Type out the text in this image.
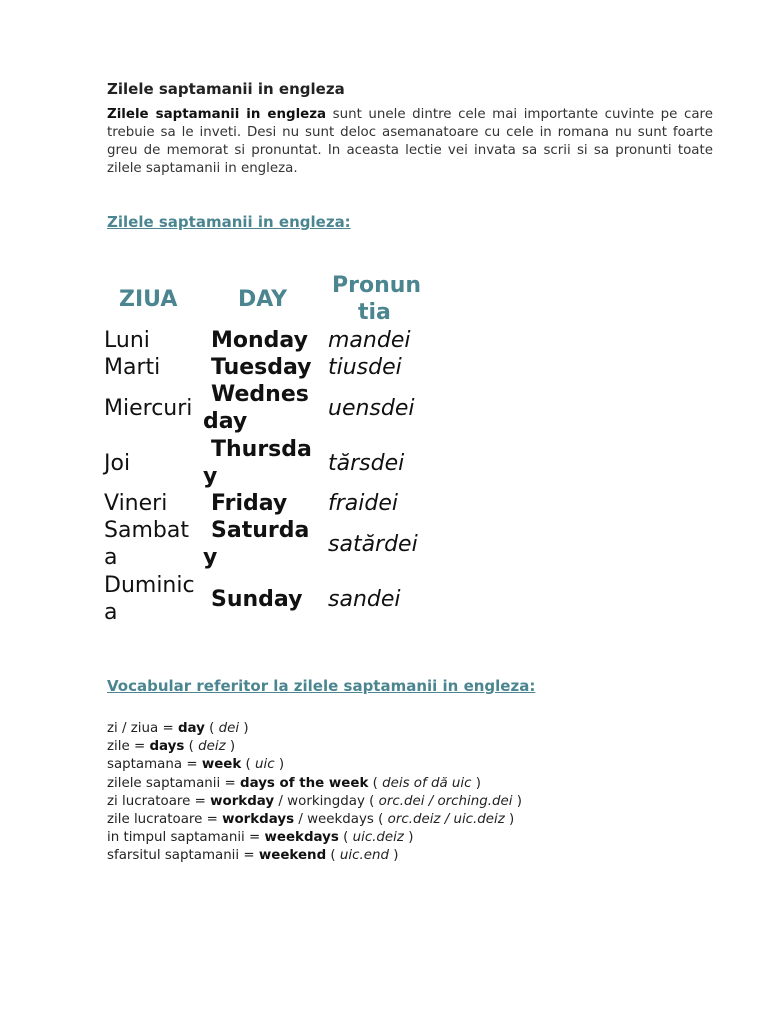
Zilele saptamanii in engleza
Zilele saptamanii in engleza sunt unele dintre cele mai importante cuvinte pe care trebuie sa le inveti. Desi nu sunt deloc asemanatoare cu cele in romana nu sunt foarte greu de memorat si pronuntat. In aceasta lectie vei invata sa scrii si sa pronunti toate zilele saptamanii in engleza.
Zilele saptamanii in engleza:
ZIUA	DAY
Pronun
tia
Luni	Monday mandei
Marti Tuesday tiusdei
Miercuri
Wednes
day
uensdei
Joi
Thursda
y
tărsdei
Vineri Friday fraidei
Sambat
a
Saturda
y
satărdei
Duminic
a
Sunday sandei
Vocabular referitor la zilele saptamanii in engleza:
zi / ziua = day ( dei )
zile = days ( deiz )
saptamana = week ( uic )
zilele saptamanii = days of the week ( deis of dă uic )
zi lucratoare = workday / workingday ( orc.dei / orching.dei )
zile lucratoare = workdays / weekdays ( orc.deiz / uic.deiz )
in timpul saptamanii = weekdays ( uic.deiz )
sfarsitul saptamanii = weekend ( uic.end )
